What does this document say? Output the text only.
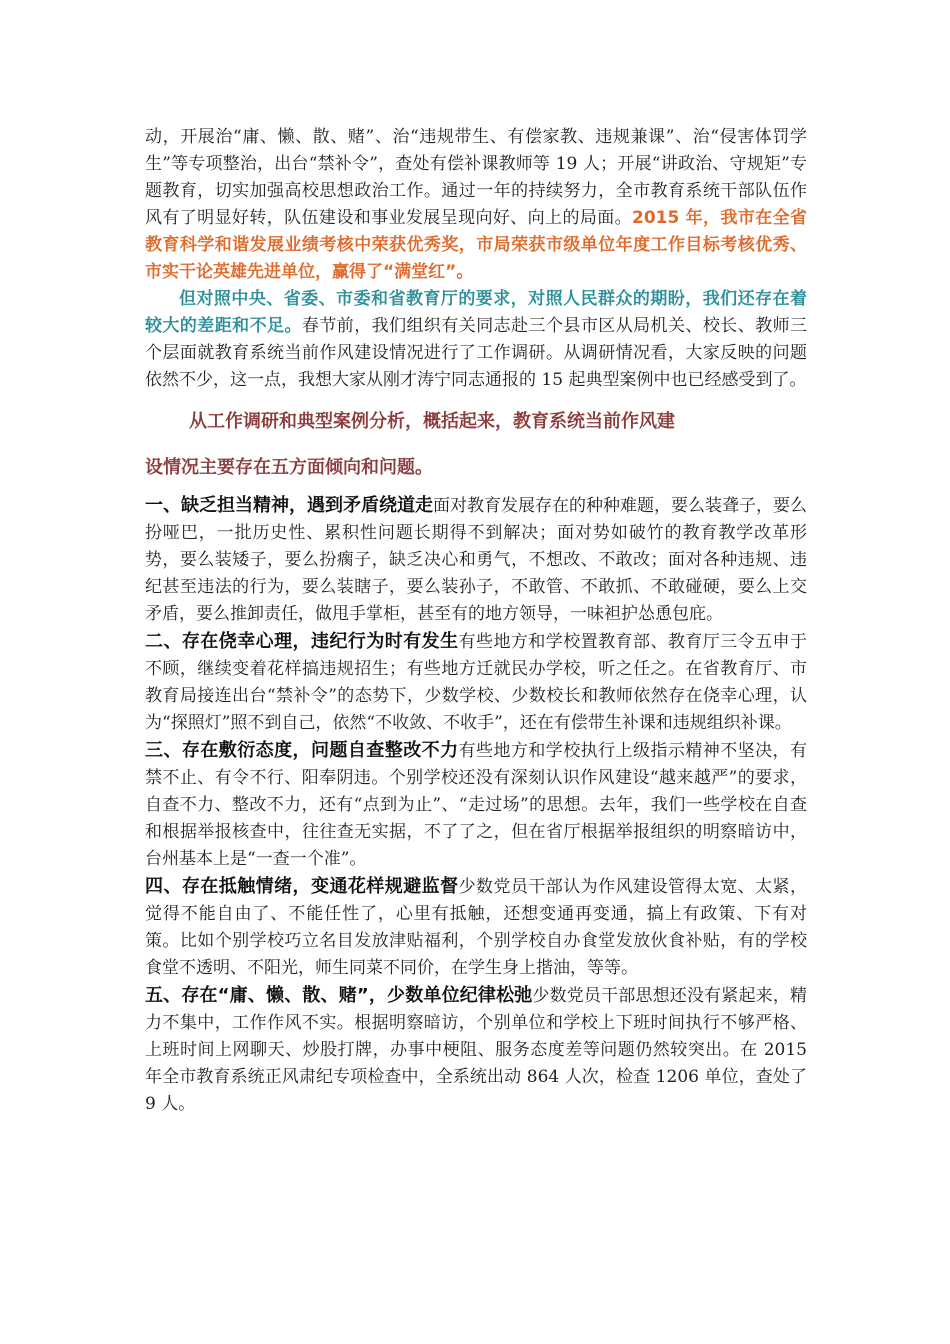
动，开展治“庸、懒、散、赌”、治“违规带生、有偿家教、违规兼课”、治“侵害体罚学生”等专项整治，出台“禁补令”，查处有偿补课教师等 19 人；开展“讲政治、守规矩”专题教育，切实加强高校思想政治工作。通过一年的持续努力，全市教育系统干部队伍作风有了明显好转，队伍建设和事业发展呈现向好、向上的局面。2015 年，我市在全省教育科学和谐发展业绩考核中荣获优秀奖，市局荣获市级单位年度工作目标考核优秀、市实干论英雄先进单位，赢得了“满堂红”。

但对照中央、省委、市委和省教育厅的要求，对照人民群众的期盼，我们还存在着较大的差距和不足。春节前，我们组织有关同志赴三个县市区从局机关、校长、教师三个层面就教育系统当前作风建设情况进行了工作调研。从调研情况看，大家反映的问题依然不少，这一点，我想大家从刚才涛宁同志通报的 15 起典型案例中也已经感受到了。

从工作调研和典型案例分析，概括起来，教育系统当前作风建

设情况主要存在五方面倾向和问题。

一、缺乏担当精神，遇到矛盾绕道走面对教育发展存在的种种难题，要么装聋子，要么扮哑巴，一批历史性、累积性问题长期得不到解决；面对势如破竹的教育教学改革形势，要么装矮子，要么扮瘸子，缺乏决心和勇气，不想改、不敢改；面对各种违规、违纪甚至违法的行为，要么装瞎子，要么装孙子，不敢管、不敢抓、不敢碰硬，要么上交矛盾，要么推卸责任，做甩手掌柜，甚至有的地方领导，一味袒护怂恿包庇。

二、存在侥幸心理，违纪行为时有发生有些地方和学校置教育部、教育厅三令五申于不顾，继续变着花样搞违规招生；有些地方迁就民办学校，听之任之。在省教育厅、市教育局接连出台“禁补令”的态势下，少数学校、少数校长和教师依然存在侥幸心理，认为“探照灯”照不到自己，依然“不收敛、不收手”，还在有偿带生补课和违规组织补课。

三、存在敷衍态度，问题自查整改不力有些地方和学校执行上级指示精神不坚决，有禁不止、有令不行、阳奉阴违。个别学校还没有深刻认识作风建设“越来越严”的要求，自查不力、整改不力，还有“点到为止”、“走过场”的思想。去年，我们一些学校在自查和根据举报核查中，往往查无实据，不了了之，但在省厅根据举报组织的明察暗访中，台州基本上是“一查一个准”。

四、存在抵触情绪，变通花样规避监督少数党员干部认为作风建设管得太宽、太紧，觉得不能自由了、不能任性了，心里有抵触，还想变通再变通，搞上有政策、下有对策。比如个别学校巧立名目发放津贴福利，个别学校自办食堂发放伙食补贴，有的学校食堂不透明、不阳光，师生同菜不同价，在学生身上揩油，等等。

五、存在“庸、懒、散、赌”，少数单位纪律松弛少数党员干部思想还没有紧起来，精力不集中，工作作风不实。根据明察暗访，个别单位和学校上下班时间执行不够严格、上班时间上网聊天、炒股打牌，办事中梗阻、服务态度差等问题仍然较突出。在 2015 年全市教育系统正风肃纪专项检查中，全系统出动 864 人次，检查 1206 单位，查处了 9 人。
